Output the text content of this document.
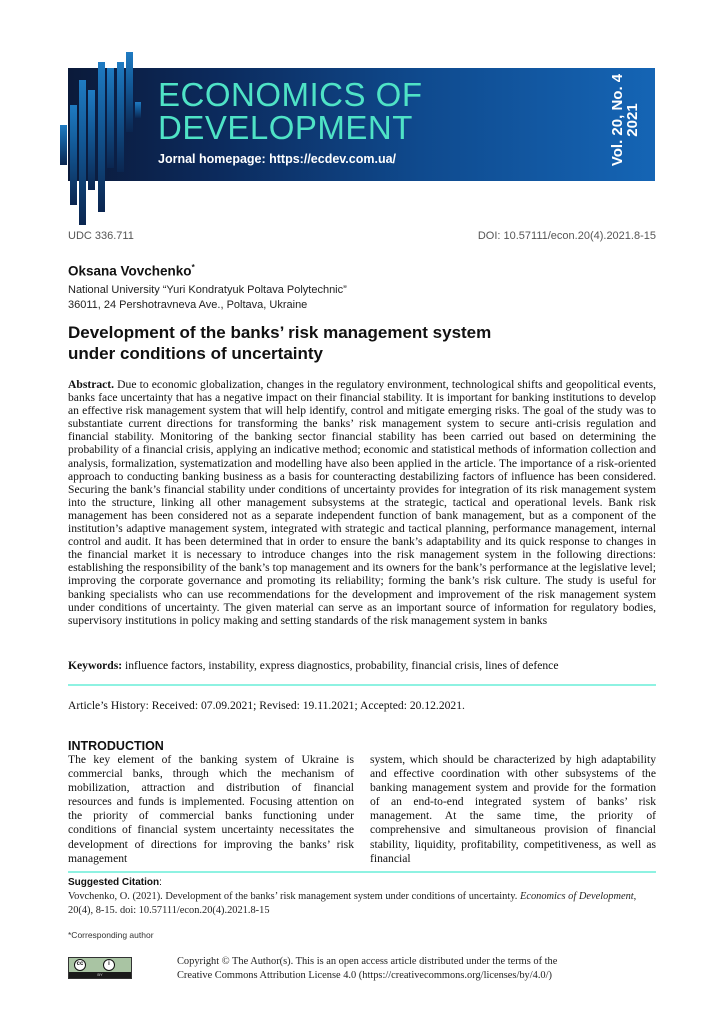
ECONOMICS OF
DEVELOPMENT
Jornal homepage: https://ecdev.com.ua/	Vol. 20, No. 4
2021
UDC 336.711	DOI: 10.57111/econ.20(4).2021.8-15
Oksana Vovchenko*
National University “Yuri Kondratyuk Poltava Polytechnic”
36011, 24 Pershotravneva Ave., Poltava, Ukraine
Development of the banks’ risk management system
under conditions of uncertainty
Abstract. Due to economic globalization, changes in the regulatory environment, technological shifts and geopolitical events, banks face uncertainty that has a negative impact on their financial stability. It is important for banking institutions to develop an effective risk management system that will help identify, control and mitigate emerging risks. The goal of the study was to substantiate current directions for transforming the banks’ risk management system to secure anti-crisis regulation and financial stability. Monitoring of the banking sector financial stability has been carried out based on determining the probability of a financial crisis, applying an indicative method; economic and statistical methods of information collection and analysis, formalization, systematization and modelling have also been applied in the article. The importance of a risk-oriented approach to conducting banking business as a basis for counteracting destabilizing factors of influence has been considered. Securing the bank’s financial stability under conditions of uncertainty provides for integration of its risk management system into the structure, linking all other management subsystems at the strategic, tactical and operational levels. Bank risk management has been considered not as a separate independent function of bank management, but as a component of the institution’s adaptive management system, integrated with strategic and tactical planning, performance management, internal control and audit. It has been determined that in order to ensure the bank’s adaptability and its quick response to changes in the financial market it is necessary to introduce changes into the risk management system in the following directions: establishing the responsibility of the bank’s top management and its owners for the bank’s performance at the legislative level; improving the corporate governance and promoting its reliability; forming the bank’s risk culture. The study is useful for banking specialists who can use recommendations for the development and improvement of the risk management system under conditions of uncertainty. The given material can serve as an important source of information for regulatory bodies, supervisory institutions in policy making and setting standards of the risk management system in banks
Keywords: influence factors, instability, express diagnostics, probability, financial crisis, lines of defence
Article’s History: Received: 07.09.2021; Revised: 19.11.2021; Accepted: 20.12.2021.
INTRODUCTION
The key element of the banking system of Ukraine is commercial banks, through which the mechanism of mobilization, attraction and distribution of financial resources and funds is implemented. Focusing attention on the priority of commercial banks functioning under conditions of financial system uncertainty necessitates the development of directions for improving the banks’ risk management
system, which should be characterized by high adaptability and effective coordination with other subsystems of the banking management system and provide for the formation of an end-to-end integrated system of banks’ risk management. At the same time, the priority of comprehensive and simultaneous provision of financial stability, liquidity, profitability, competitiveness, as well as financial
Suggested Citation:
Vovchenko, O. (2021). Development of the banks’ risk management system under conditions of uncertainty. Economics of Development, 20(4), 8-15. doi: 10.57111/econ.20(4).2021.8-15
*Corresponding author
cc	i
BY
Copyright © The Author(s). This is an open access article distributed under the terms of the
Creative Commons Attribution License 4.0 (https://creativecommons.org/licenses/by/4.0/)
